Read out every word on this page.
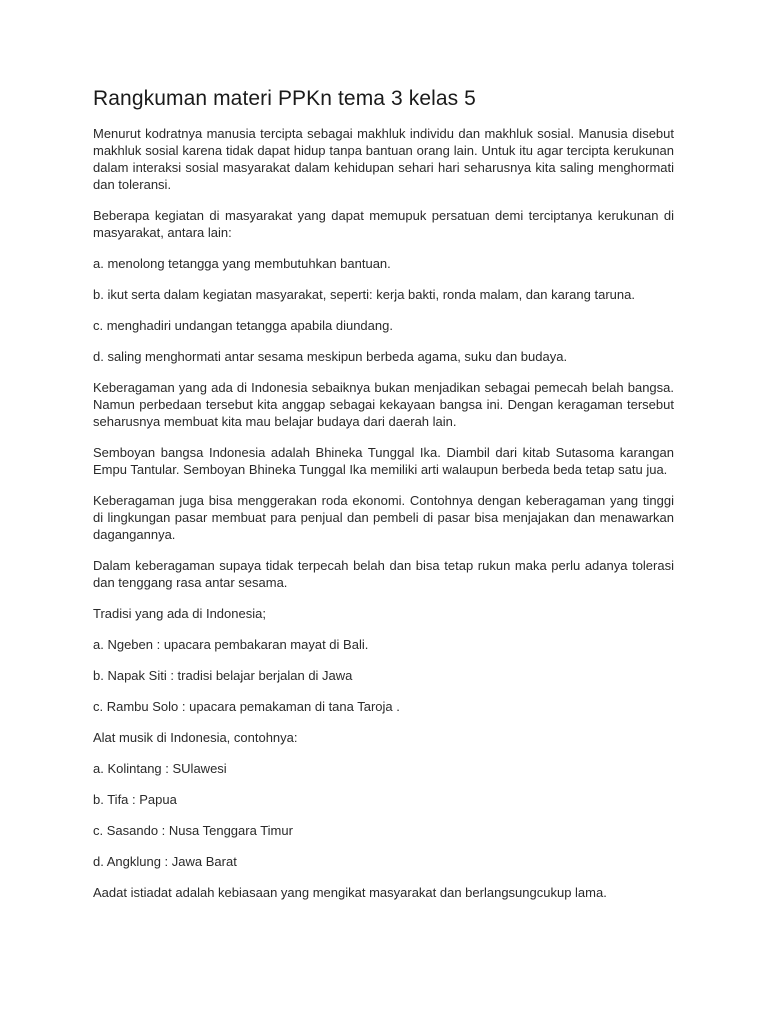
Rangkuman materi PPKn tema 3 kelas 5

Menurut kodratnya manusia tercipta sebagai makhluk individu dan makhluk sosial. Manusia disebut makhluk sosial karena tidak dapat hidup tanpa bantuan orang lain. Untuk itu agar tercipta kerukunan dalam interaksi sosial masyarakat dalam kehidupan sehari hari seharusnya kita saling menghormati dan toleransi.

Beberapa kegiatan di masyarakat yang dapat memupuk persatuan demi terciptanya kerukunan di masyarakat, antara lain:

a. menolong tetangga yang membutuhkan bantuan.

b. ikut serta dalam kegiatan masyarakat, seperti: kerja bakti, ronda malam, dan karang taruna.

c. menghadiri undangan tetangga apabila diundang.

d. saling menghormati antar sesama meskipun berbeda agama, suku dan budaya.

Keberagaman yang ada di Indonesia sebaiknya bukan menjadikan sebagai pemecah belah bangsa. Namun perbedaan tersebut kita anggap sebagai kekayaan bangsa ini. Dengan keragaman tersebut seharusnya membuat kita mau belajar budaya dari daerah lain.

Semboyan bangsa Indonesia adalah Bhineka Tunggal Ika. Diambil dari kitab Sutasoma karangan Empu Tantular. Semboyan Bhineka Tunggal Ika memiliki arti walaupun berbeda beda tetap satu jua.

Keberagaman juga bisa menggerakan roda ekonomi. Contohnya dengan keberagaman yang tinggi di lingkungan pasar membuat para penjual dan pembeli di pasar bisa menjajakan dan menawarkan dagangannya.

Dalam keberagaman supaya tidak terpecah belah dan bisa tetap rukun maka perlu adanya tolerasi dan tenggang rasa antar sesama.

Tradisi yang ada di Indonesia;

a. Ngeben : upacara pembakaran mayat di Bali.

b. Napak Siti : tradisi belajar berjalan di Jawa

c. Rambu Solo : upacara pemakaman di tana Taroja .

Alat musik di Indonesia, contohnya:

a. Kolintang : SUlawesi

b. Tifa : Papua

c. Sasando : Nusa Tenggara Timur

d. Angklung : Jawa Barat

Aadat istiadat adalah kebiasaan yang mengikat masyarakat dan berlangsungcukup lama.
